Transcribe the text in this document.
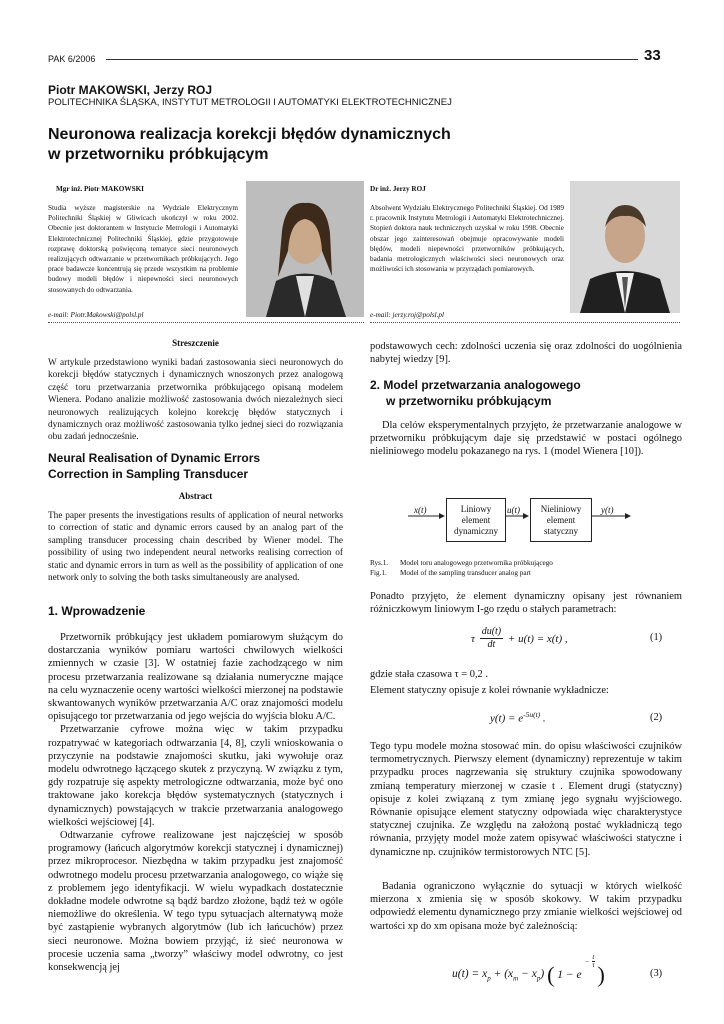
PAK 6/2006	33
Piotr MAKOWSKI, Jerzy ROJ
POLITECHNIKA ŚLĄSKA, INSTYTUT METROLOGII I AUTOMATYKI ELEKTROTECHNICZNEJ
Neuronowa realizacja korekcji błędów dynamicznych
w przetworniku próbkującym
Mgr inż. Piotr MAKOWSKI
Studia wyższe magisterskie na Wydziale Elektrycznym Politechniki Śląskiej w Gliwicach ukończył w roku 2002. Obecnie jest doktorantem w Instytucie Metrologii i Automatyki Elektrotechnicznej Politechniki Śląskiej, gdzie przygotowuje rozprawę doktorską poświęconą tematyce sieci neuronowych realizujących odtwarzanie w przetwornikach próbkujących. Jego prace badawcze koncentrują się przede wszystkim na problemie budowy modeli błędów i niepewności sieci neuronowych stosowanych do odtwarzania.
e-mail: Piotr.Makowski@polsl.pl
Dr inż. Jerzy ROJ
Absolwent Wydziału Elektrycznego Politechniki Śląskiej. Od 1989 r. pracownik Instytutu Metrologii i Automatyki Elektrotechnicznej. Stopień doktora nauk technicznych uzyskał w roku 1998. Obecnie obszar jego zainteresowań obejmuje opracowywanie modeli błędów, modeli niepewności przetworników próbkujących, badania metrologicznych właściwości sieci neuronowych oraz możliwości ich stosowania w przyrządach pomiarowych.
e-mail: jerzy.roj@polsl.pl
Streszczenie
W artykule przedstawiono wyniki badań zastosowania sieci neuronowych do korekcji błędów statycznych i dynamicznych wnoszonych przez analogową część toru przetwarzania przetwornika próbkującego opisaną modelem Wienera. Podano analizie możliwość zastosowania dwóch niezależnych sieci neuronowych realizujących kolejno korekcję błędów statycznych i dynamicznych oraz możliwość zastosowania tylko jednej sieci do rozwiązania obu zadań jednocześnie.
Neural Realisation of Dynamic Errors
Correction in Sampling Transducer
Abstract
The paper presents the investigations results of application of neural networks to correction of static and dynamic errors caused by an analog part of the sampling transducer processing chain described by Wiener model. The possibility of using two independent neural networks realising correction of static and dynamic errors in turn as well as the possibility of application of one network only to solving the both tasks simultaneously are analysed.
1. Wprowadzenie

Przetwornik próbkujący jest układem pomiarowym służącym do dostarczania wyników pomiaru wartości chwilowych wielkości zmiennych w czasie [3]. W ostatniej fazie zachodzącego w nim procesu przetwarzania realizowane są działania numeryczne mające na celu wyznaczenie oceny wartości wielkości mierzonej na podstawie skwantowanych wyników przetwarzania A/C oraz znajomości modelu opisującego tor przetwarzania od jego wejścia do wyjścia bloku A/C.

Przetwarzanie cyfrowe można więc w takim przypadku rozpatrywać w kategoriach odtwarzania [4, 8], czyli wnioskowania o przyczynie na podstawie znajomości skutku, jaki wywołuje oraz modelu odwrotnego łączącego skutek z przyczyną. W związku z tym, gdy rozpatruje się aspekty metrologiczne odtwarzania, może być ono traktowane jako korekcja błędów systematycznych (statycznych i dynamicznych) powstających w trakcie przetwarzania analogowego wielkości wejściowej [4].

Odtwarzanie cyfrowe realizowane jest najczęściej w sposób programowy (łańcuch algorytmów korekcji statycznej i dynamicznej) przez mikroprocesor. Niezbędna w takim przypadku jest znajomość odwrotnego modelu procesu przetwarzania analogowego, co wiąże się z problemem jego identyfikacji. W wielu wypadkach dostatecznie dokładne modele odwrotne są bądź bardzo złożone, bądź też w ogóle niemożliwe do określenia. W tego typu sytuacjach alternatywą może być zastąpienie wybranych algorytmów (lub ich łańcuchów) przez sieci neuronowe. Można bowiem przyjąć, iż sieć neuronowa w procesie uczenia sama „tworzy” właściwy model odwrotny, co jest konsekwencją jej

podstawowych cech: zdolności uczenia się oraz zdolności do uogólnienia nabytej wiedzy [9].
2. Model przetwarzania analogowego
w przetworniku próbkującym
Dla celów eksperymentalnych przyjęto, że przetwarzanie analogowe w przetworniku próbkującym daje się przedstawić w postaci ogólnego nieliniowego modelu pokazanego na rys. 1 (model Wienera [10]).
x(t)	u(t)	y(t)
Liniowy
element
dynamiczny
Nieliniowy
element
statyczny
Rys.1. Model toru analogowego przetwornika próbkującego
Fig.1. Model of the sampling transducer analog part
Ponadto przyjęto, że element dynamiczny opisany jest równaniem różniczkowym liniowym I-go rzędu o stałych parametrach:
τ $\frac{du(t)}{dt} + u(t) = x(t)$ ,	(1)
gdzie stała czasowa τ = 0,2 .
Element statyczny opisuje z kolei równanie wykładnicze:
$y(t) = e^{-5u(t)}$ .	(2)
Tego typu modele można stosować min. do opisu właściwości czujników termometrycznych. Pierwszy element (dynamiczny) reprezentuje w takim przypadku proces nagrzewania się struktury czujnika spowodowany zmianą temperatury mierzonej w czasie t . Element drugi (statyczny) opisuje z kolei związaną z tym zmianę jego sygnału wyjściowego. Równanie opisujące element statyczny odpowiada więc charakterystyce statycznej czujnika. Ze względu na założoną postać wykładniczą tego równania, przyjęty model może zatem opisywać właściwości statyczne i dynamiczne np. czujników termistorowych NTC [5].
Badania ograniczono wyłącznie do sytuacji w których wielkość mierzona x zmienia się w sposób skokowy. W takim przypadku odpowiedź elementu dynamicznego przy zmianie wielkości wejściowej od wartości xp do xm opisana może być zależnością:
$u(t) = x_p + (x_m - x_p)$ ( 1 − e
−
$\frac{t}{\tau}$
)	(3)
